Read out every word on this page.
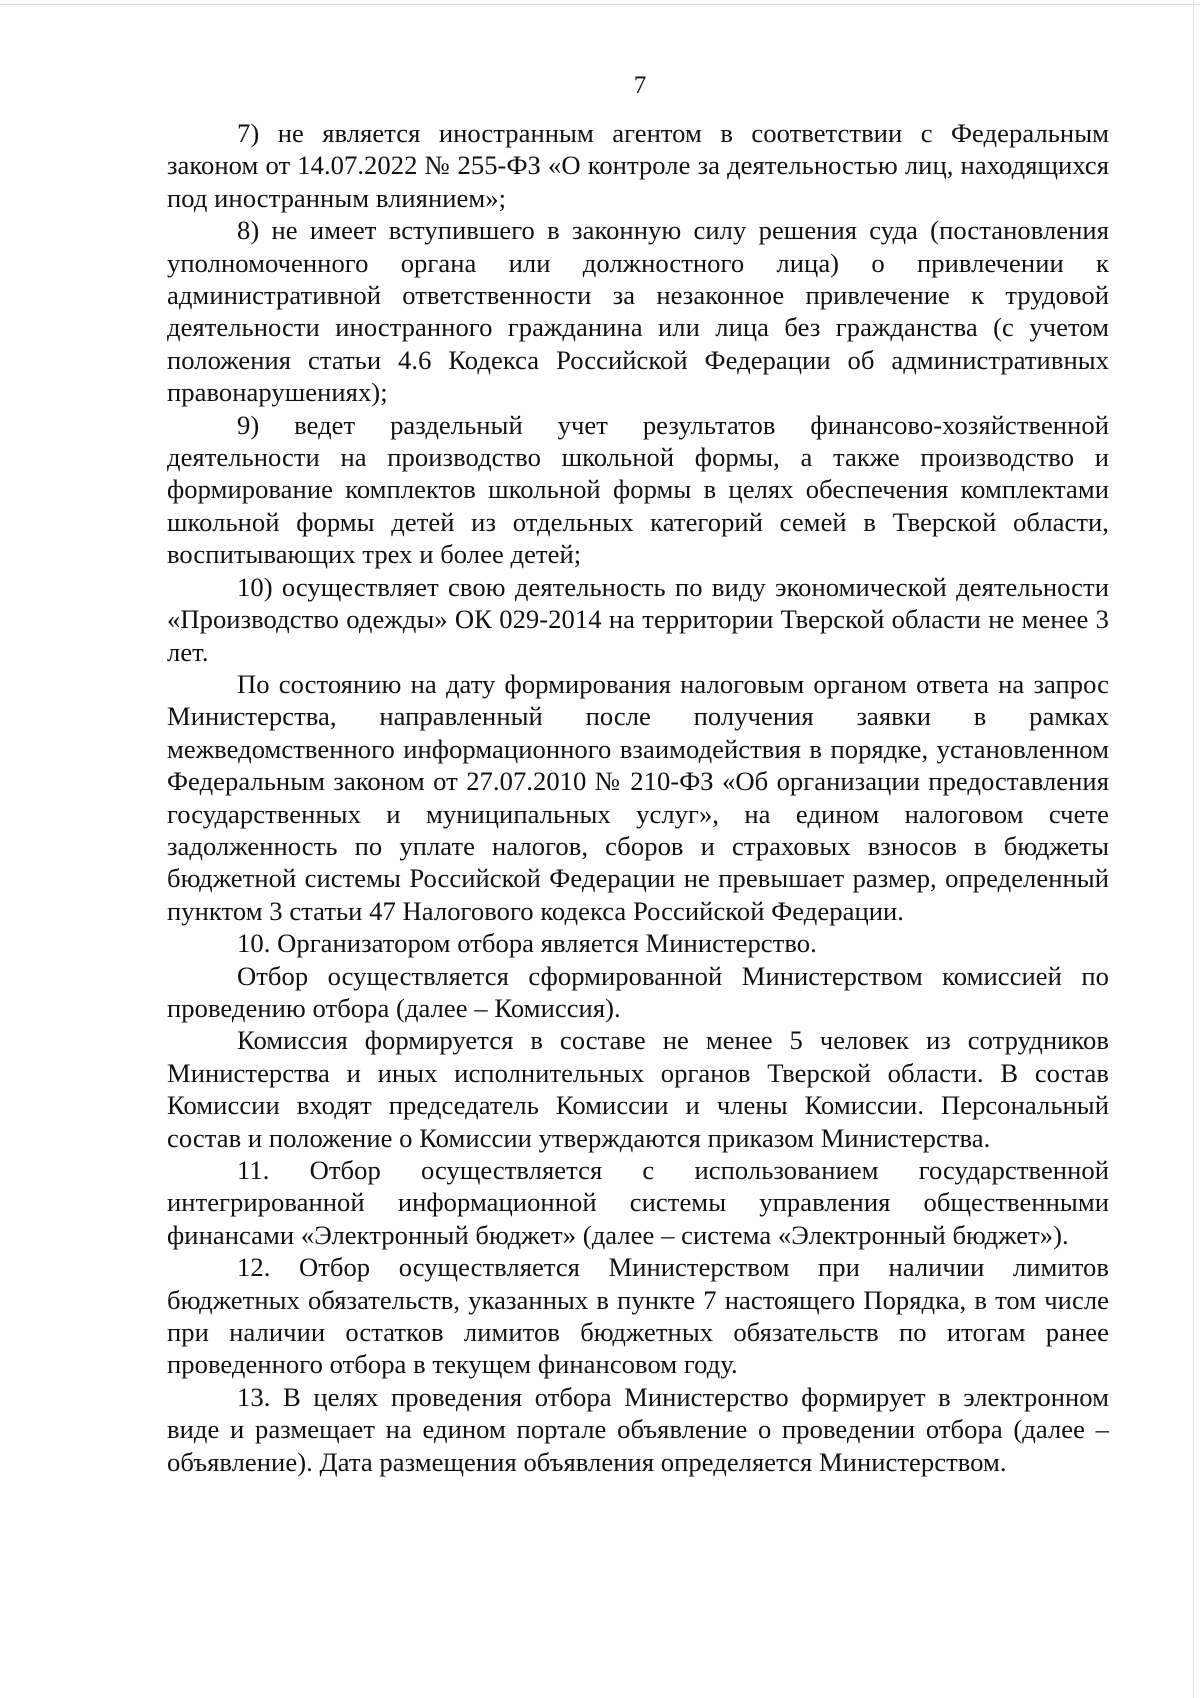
7

7) не является иностранным агентом в соответствии с Федеральным законом от 14.07.2022 № 255-ФЗ «О контроле за деятельностью лиц, находящихся под иностранным влиянием»;

8) не имеет вступившего в законную силу решения суда (постановления уполномоченного органа или должностного лица) о привлечении к административной ответственности за незаконное привлечение к трудовой деятельности иностранного гражданина или лица без гражданства (с учетом положения статьи 4.6 Кодекса Российской Федерации об административных правонарушениях);

9) ведет раздельный учет результатов финансово-хозяйственной деятельности на производство школьной формы, а также производство и формирование комплектов школьной формы в целях обеспечения комплектами школьной формы детей из отдельных категорий семей в Тверской области, воспитывающих трех и более детей;

10) осуществляет свою деятельность по виду экономической деятельности «Производство одежды» ОК 029-2014 на территории Тверской области не менее 3 лет.

По состоянию на дату формирования налоговым органом ответа на запрос Министерства, направленный после получения заявки в рамках межведомственного информационного взаимодействия в порядке, установленном Федеральным законом от 27.07.2010 № 210-ФЗ «Об организации предоставления государственных и муниципальных услуг», на едином налоговом счете задолженность по уплате налогов, сборов и страховых взносов в бюджеты бюджетной системы Российской Федерации не превышает размер, определенный пунктом 3 статьи 47 Налогового кодекса Российской Федерации.

10. Организатором отбора является Министерство.

Отбор осуществляется сформированной Министерством комиссией по проведению отбора (далее – Комиссия).

Комиссия формируется в составе не менее 5 человек из сотрудников Министерства и иных исполнительных органов Тверской области. В состав Комиссии входят председатель Комиссии и члены Комиссии. Персональный состав и положение о Комиссии утверждаются приказом Министерства.

11. Отбор осуществляется с использованием государственной интегрированной информационной системы управления общественными финансами «Электронный бюджет» (далее – система «Электронный бюджет»).

12. Отбор осуществляется Министерством при наличии лимитов бюджетных обязательств, указанных в пункте 7 настоящего Порядка, в том числе при наличии остатков лимитов бюджетных обязательств по итогам ранее проведенного отбора в текущем финансовом году.

13. В целях проведения отбора Министерство формирует в электронном виде и размещает на едином портале объявление о проведении отбора (далее – объявление). Дата размещения объявления определяется Министерством.
